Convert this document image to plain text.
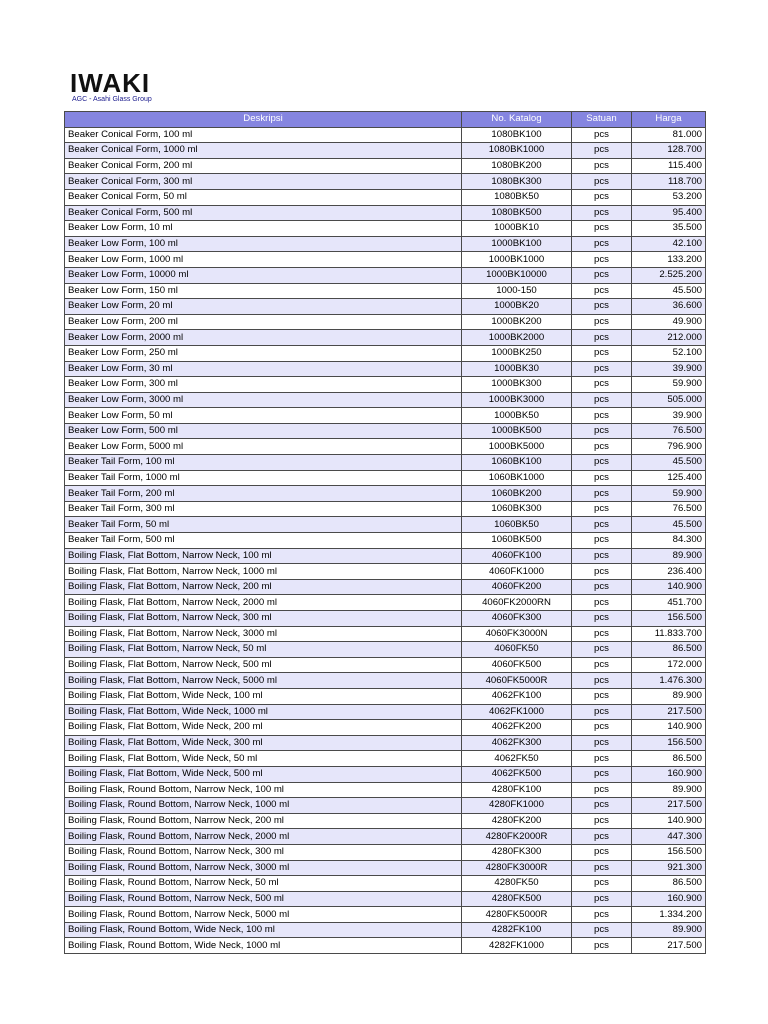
IWAKI
AGC - Asahi Glass Group
Deskripsi	No. Katalog	Satuan	Harga
Beaker Conical Form, 100 ml	1080BK100	pcs	81.000
Beaker Conical Form, 1000 ml	1080BK1000	pcs	128.700
Beaker Conical Form, 200 ml	1080BK200	pcs	115.400
Beaker Conical Form, 300 ml	1080BK300	pcs	118.700
Beaker Conical Form, 50 ml	1080BK50	pcs	53.200
Beaker Conical Form, 500 ml	1080BK500	pcs	95.400
Beaker Low Form, 10 ml	1000BK10	pcs	35.500
Beaker Low Form, 100 ml	1000BK100	pcs	42.100
Beaker Low Form, 1000 ml	1000BK1000	pcs	133.200
Beaker Low Form, 10000 ml	1000BK10000	pcs	2.525.200
Beaker Low Form, 150 ml	1000-150	pcs	45.500
Beaker Low Form, 20 ml	1000BK20	pcs	36.600
Beaker Low Form, 200 ml	1000BK200	pcs	49.900
Beaker Low Form, 2000 ml	1000BK2000	pcs	212.000
Beaker Low Form, 250 ml	1000BK250	pcs	52.100
Beaker Low Form, 30 ml	1000BK30	pcs	39.900
Beaker Low Form, 300 ml	1000BK300	pcs	59.900
Beaker Low Form, 3000 ml	1000BK3000	pcs	505.000
Beaker Low Form, 50 ml	1000BK50	pcs	39.900
Beaker Low Form, 500 ml	1000BK500	pcs	76.500
Beaker Low Form, 5000 ml	1000BK5000	pcs	796.900
Beaker Tail Form, 100 ml	1060BK100	pcs	45.500
Beaker Tail Form, 1000 ml	1060BK1000	pcs	125.400
Beaker Tail Form, 200 ml	1060BK200	pcs	59.900
Beaker Tail Form, 300 ml	1060BK300	pcs	76.500
Beaker Tail Form, 50 ml	1060BK50	pcs	45.500
Beaker Tail Form, 500 ml	1060BK500	pcs	84.300
Boiling Flask, Flat Bottom, Narrow Neck, 100 ml	4060FK100	pcs	89.900
Boiling Flask, Flat Bottom, Narrow Neck, 1000 ml	4060FK1000	pcs	236.400
Boiling Flask, Flat Bottom, Narrow Neck, 200 ml	4060FK200	pcs	140.900
Boiling Flask, Flat Bottom, Narrow Neck, 2000 ml	4060FK2000RN	pcs	451.700
Boiling Flask, Flat Bottom, Narrow Neck, 300 ml	4060FK300	pcs	156.500
Boiling Flask, Flat Bottom, Narrow Neck, 3000 ml	4060FK3000N	pcs	11.833.700
Boiling Flask, Flat Bottom, Narrow Neck, 50 ml	4060FK50	pcs	86.500
Boiling Flask, Flat Bottom, Narrow Neck, 500 ml	4060FK500	pcs	172.000
Boiling Flask, Flat Bottom, Narrow Neck, 5000 ml	4060FK5000R	pcs	1.476.300
Boiling Flask, Flat Bottom, Wide Neck, 100 ml	4062FK100	pcs	89.900
Boiling Flask, Flat Bottom, Wide Neck, 1000 ml	4062FK1000	pcs	217.500
Boiling Flask, Flat Bottom, Wide Neck, 200 ml	4062FK200	pcs	140.900
Boiling Flask, Flat Bottom, Wide Neck, 300 ml	4062FK300	pcs	156.500
Boiling Flask, Flat Bottom, Wide Neck, 50 ml	4062FK50	pcs	86.500
Boiling Flask, Flat Bottom, Wide Neck, 500 ml	4062FK500	pcs	160.900
Boiling Flask, Round Bottom, Narrow Neck, 100 ml	4280FK100	pcs	89.900
Boiling Flask, Round Bottom, Narrow Neck, 1000 ml	4280FK1000	pcs	217.500
Boiling Flask, Round Bottom, Narrow Neck, 200 ml	4280FK200	pcs	140.900
Boiling Flask, Round Bottom, Narrow Neck, 2000 ml	4280FK2000R	pcs	447.300
Boiling Flask, Round Bottom, Narrow Neck, 300 ml	4280FK300	pcs	156.500
Boiling Flask, Round Bottom, Narrow Neck, 3000 ml	4280FK3000R	pcs	921.300
Boiling Flask, Round Bottom, Narrow Neck, 50 ml	4280FK50	pcs	86.500
Boiling Flask, Round Bottom, Narrow Neck, 500 ml	4280FK500	pcs	160.900
Boiling Flask, Round Bottom, Narrow Neck, 5000 ml	4280FK5000R	pcs	1.334.200
Boiling Flask, Round Bottom, Wide Neck, 100 ml	4282FK100	pcs	89.900
Boiling Flask, Round Bottom, Wide Neck, 1000 ml	4282FK1000	pcs	217.500
